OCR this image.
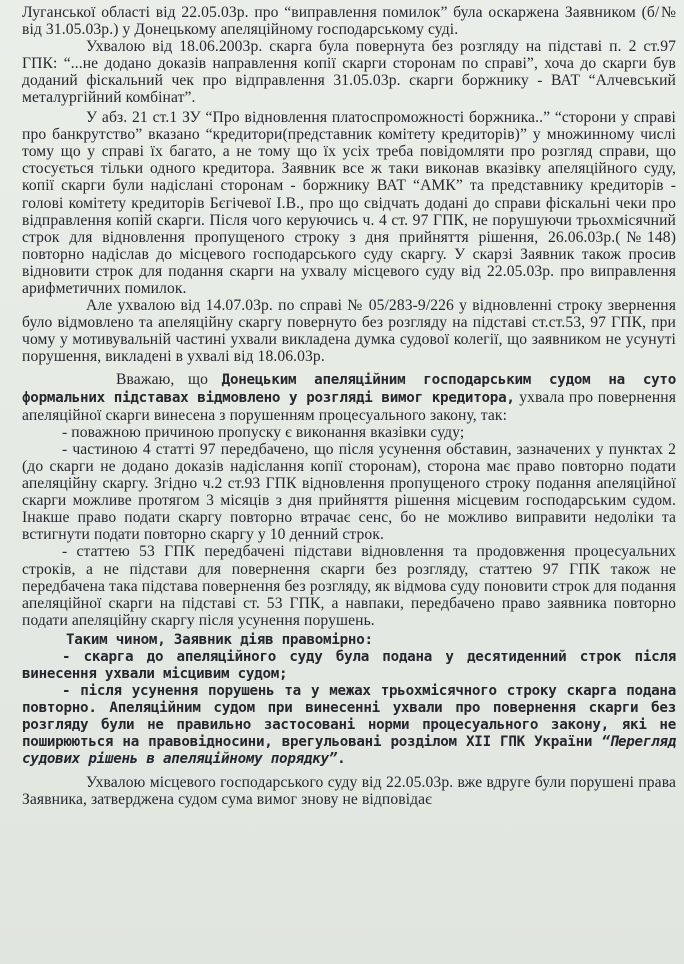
Луганської області від 22.05.03р. про “виправлення помилок” була оскаржена Заявником (б/№ від 31.05.03р.) у Донецькому апеляційному господарському суді.

Ухвалою від 18.06.2003р. скарга була повернута без розгляду на підставі п. 2 ст.97 ГПК: “...не додано доказів направлення копії скарги сторонам по справі”, хоча до скарги був доданий фіскальний чек про відправлення 31.05.03р. скарги боржнику - ВАТ “Алчевський металургійний комбінат”.

У абз. 21 ст.1 ЗУ “Про відновлення платоспроможності боржника..” “сторони у справі про банкрутство” вказано “кредитори(представник комітету кредиторів)” у множинному числі тому що у справі їх багато, а не тому що їх усіх треба повідомляти про розгляд справи, що стосується тільки одного кредитора. Заявник все ж таки виконав вказівку апеляційного суду, копії скарги були надіслані сторонам - боржнику ВАТ “АМК” та представнику кредиторів - голові комітету кредиторів Бєгічевої І.В., про що свідчать додані до справи фіскальні чеки про відправлення копій скарги. Після чого керуючись ч. 4 ст. 97 ГПК, не порушуючи трьохмісячний строк для відновлення пропущеного строку з дня прийняття рішення, 26.06.03р.(№148) повторно надіслав до місцевого господарського суду скаргу. У скарзі Заявник також просив відновити строк для подання скарги на ухвалу місцевого суду від 22.05.03р. про виправлення арифметичних помилок.

Але ухвалою від 14.07.03р. по справі № 05/283-9/226 у відновленні строку звернення було відмовлено та апеляційну скаргу повернуто без розгляду на підставі ст.ст.53, 97 ГПК, при чому у мотивувальній частині ухвали викладена думка судової колегії, що заявником не усунуті порушення, викладені в ухвалі від 18.06.03р.

Вважаю, що Донецьким апеляційним господарським судом на суто формальних підставах відмовлено у розгляді вимог кредитора, ухвала про повернення апеляційної скарги винесена з порушенням процесуального закону, так:

- поважною причиною пропуску є виконання вказівки суду;

- частиною 4 статті 97 передбачено, що після усунення обставин, зазначених у пунктах 2 (до скарги не додано доказів надіслання копії сторонам), сторона має право повторно подати апеляційну скаргу. Згідно ч.2 ст.93 ГПК відновлення пропущеного строку подання апеляційної скарги можливе протягом 3 місяців з дня прийняття рішення місцевим господарським судом. Інакше право подати скаргу повторно втрачає сенс, бо не можливо виправити недоліки та встигнути подати повторно скаргу у 10 денний строк.

- статтею 53 ГПК передбачені підстави відновлення та продовження процесуальних строків, а не підстави для повернення скарги без розгляду, статтею 97 ГПК також не передбачена така підстава повернення без розгляду, як відмова суду поновити строк для подання апеляційної скарги на підставі ст. 53 ГПК, а навпаки, передбачено право заявника повторно подати апеляційну скаргу після усунення порушень.

Таким чином, Заявник діяв правомірно:

- скарга до апеляційного суду була подана у десятиденний строк після винесення ухвали місцивим судом;

- після усунення порушень та у межах трьохмісячного строку скарга подана повторно. Апеляційним судом при винесенні ухвали про повернення скарги без розгляду були не правильно застосовані норми процесуального закону, які не поширюються на правовідносини, врегульовані розділом XII ГПК України “Перегляд судових рішень в апеляційному порядку”.

Ухвалою місцевого господарського суду від 22.05.03р. вже вдруге були порушені права Заявника, затверджена судом сума вимог знову не відповідає
